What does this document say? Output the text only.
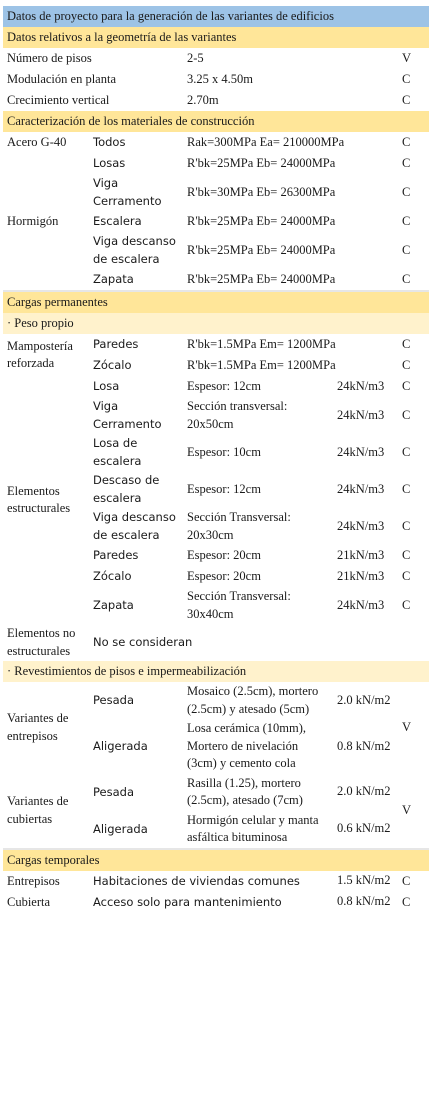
Datos de proyecto para la generación de las variantes de edificios				
Datos relativos a la geometría de las variantes				
Número de pisos		2-5		V
Modulación en planta		3.25 x 4.50m		C
Crecimiento vertical		2.70m		C
Caracterización de los materiales de construcción				
Acero G-40	Todos	Rak=300MPa Ea= 210000MPa		C
Hormigón	Losas	R'bk=25MPa Eb= 24000MPa		C
	Viga Cerramento	R'bk=30MPa Eb= 26300MPa		C
	Escalera	R'bk=25MPa Eb= 24000MPa		C
	Viga descanso de escalera	R'bk=25MPa Eb= 24000MPa		C
	Zapata	R'bk=25MPa Eb= 24000MPa		C

Cargas permanentes				
· Peso propio				
Mampostería reforzada	Paredes	R'bk=1.5MPa Em= 1200MPa		C
	Zócalo	R'bk=1.5MPa Em= 1200MPa		C
Elementos estructurales	Losa	Espesor: 12cm	24kN/m3	C
	Viga Cerramento	Sección transversal: 20x50cm	24kN/m3	C
	Losa de escalera	Espesor: 10cm	24kN/m3	C
	Descaso de escalera	Espesor: 12cm	24kN/m3	C
	Viga descanso de escalera	Sección Transversal: 20x30cm	24kN/m3	C
	Paredes	Espesor: 20cm	21kN/m3	C
	Zócalo	Espesor: 20cm	21kN/m3	C
	Zapata	Sección Transversal: 30x40cm	24kN/m3	C
Elementos no estructurales	No se consideran			
· Revestimientos de pisos e impermeabilización				
Variantes de entrepisos	Pesada	Mosaico (2.5cm), mortero (2.5cm) y atesado (5cm)	2.0 kN/m2	V
	Aligerada	Losa cerámica (10mm), Mortero de nivelación (3cm) y cemento cola	0.8 kN/m2	
Variantes de cubiertas	Pesada	Rasilla (1.25), mortero (2.5cm), atesado (7cm)	2.0 kN/m2	V
	Aligerada	Hormigón celular y manta asfáltica bituminosa	0.6 kN/m2	

Cargas temporales				
Entrepisos	Habitaciones de viviendas comunes		1.5 kN/m2	C
Cubierta	Acceso solo para mantenimiento		0.8 kN/m2	C
